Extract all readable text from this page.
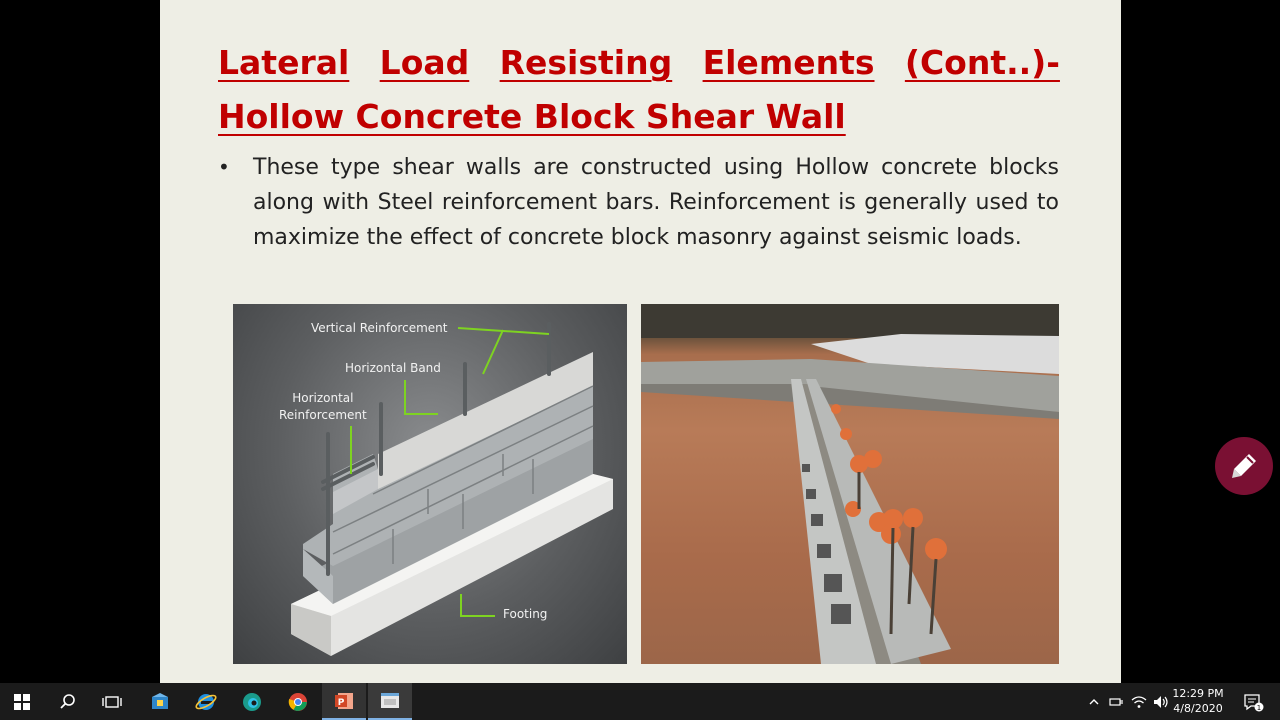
Lateral Load Resisting Elements (Cont..)-
Hollow Concrete Block Shear Wall
•	These type shear walls are constructed using Hollow concrete blocks along with Steel reinforcement bars. Reinforcement is generally used to maximize the effect of concrete block masonry against seismic loads.

Vertical Reinforcement
Horizontal Band
Horizontal
Reinforcement
Footing
P
12:29 PM
4/8/2020	1
